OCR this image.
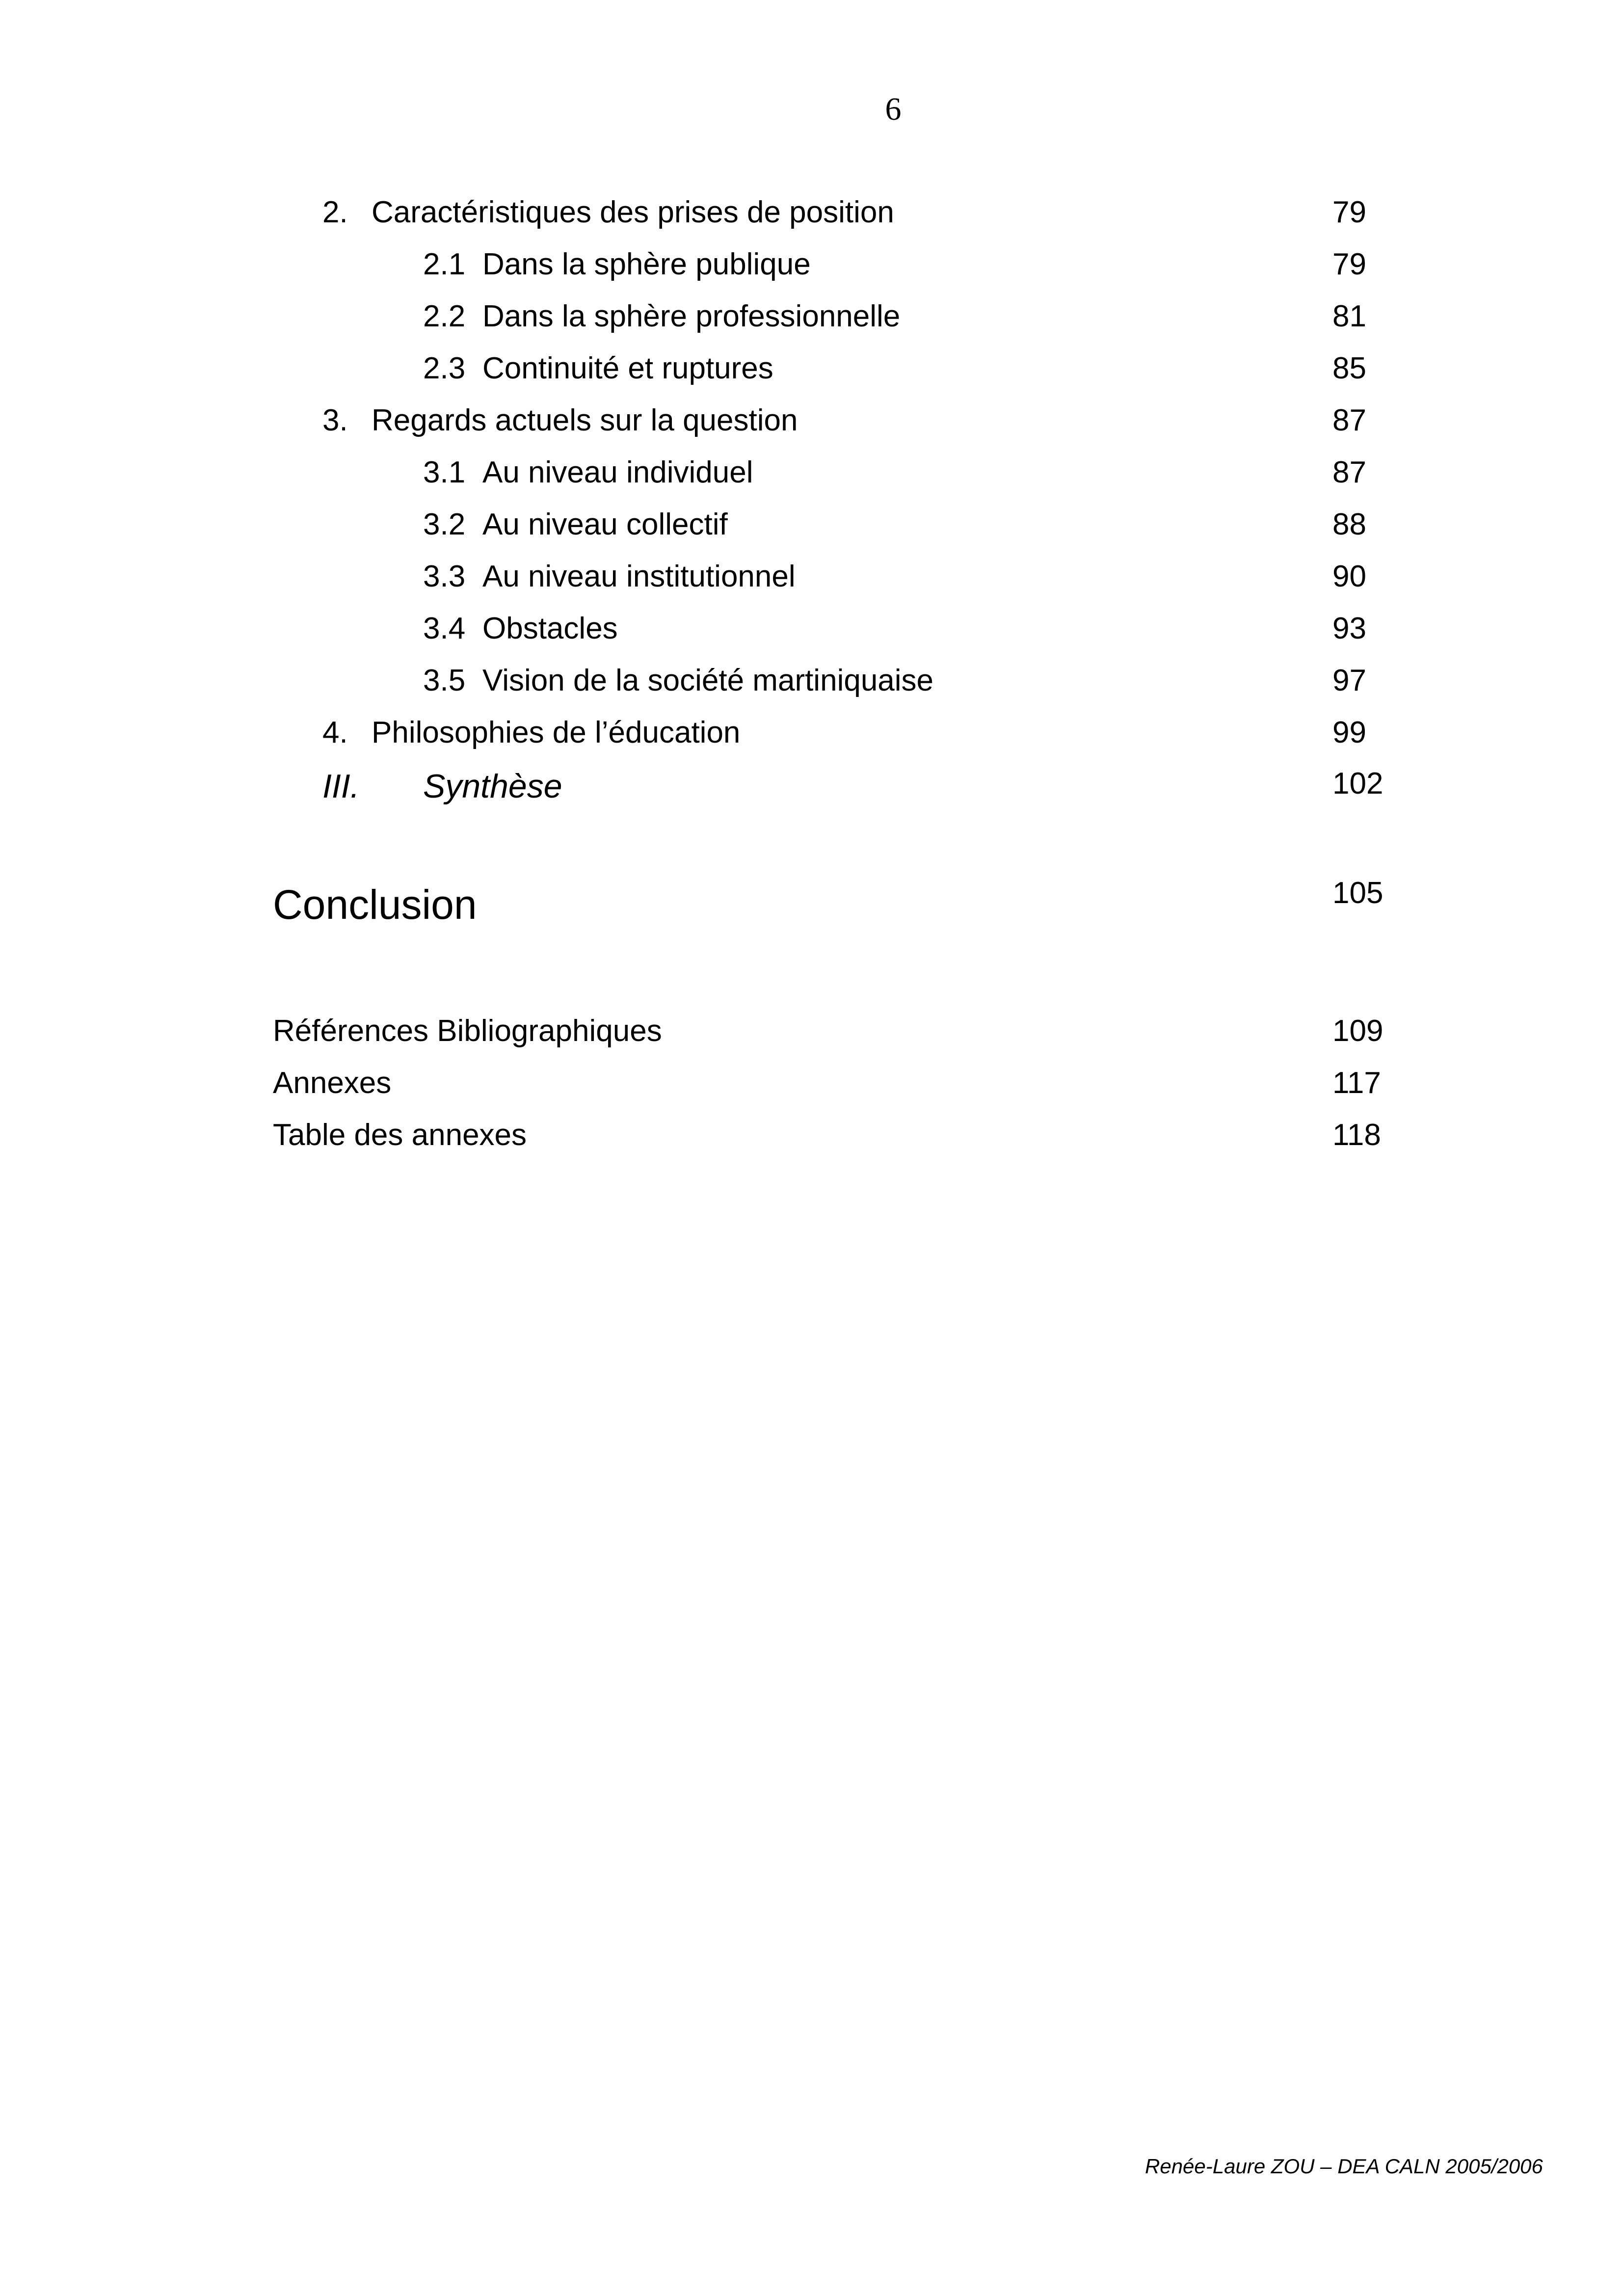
6
2. Caractéristiques des prises de position	79
2.1 Dans la sphère publique	79
2.2 Dans la sphère professionnelle	81
2.3 Continuité et ruptures	85
3. Regards actuels sur la question	87
3.1 Au niveau individuel	87
3.2 Au niveau collectif	88
3.3 Au niveau institutionnel	90
3.4 Obstacles	93
3.5 Vision de la société martiniquaise	97
4. Philosophies de l’éducation	99
III. Synthèse	102
Conclusion	105
Références Bibliographiques	109
Annexes	117
Table des annexes	118
Renée-Laure ZOU – DEA CALN 2005/2006
